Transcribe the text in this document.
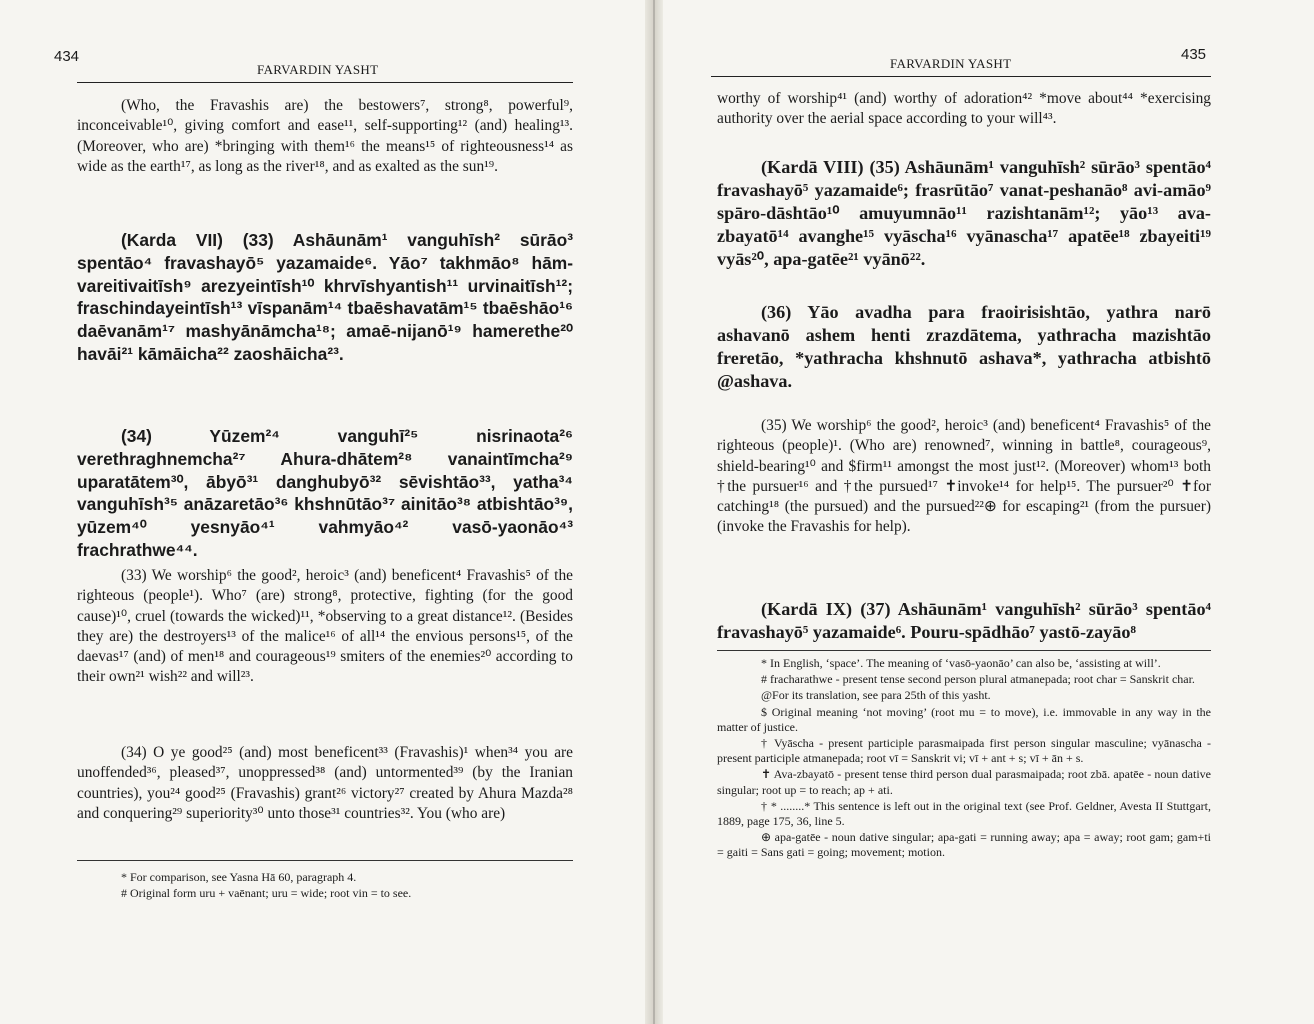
434
FARVARDIN YASHT

(Who, the Fravashis are) the bestowers⁷, strong⁸, powerful⁹, inconceivable¹⁰, giving comfort and ease¹¹, self-supporting¹² (and) healing¹³. (Moreover, who are) *bringing with them¹⁶ the means¹⁵ of righteousness¹⁴ as wide as the earth¹⁷, as long as the river¹⁸, and as exalted as the sun¹⁹.

(Karda VII) (33) Ashāunām¹ vanguhīsh² sūrāo³ spentāo⁴ fravashayō⁵ yazamaide⁶. Yāo⁷ takhmāo⁸ hām-vareitivaitīsh⁹ arezyeintīsh¹⁰ khrvīshyantish¹¹ urvinaitīsh¹²; fraschindayeintīsh¹³ vīspanām¹⁴ tbaēshavatām¹⁵ tbaēshāo¹⁶ daēvanām¹⁷ mashyānāmcha¹⁸; amaē-nijanō¹⁹ hamerethe²⁰ havāi²¹ kāmāicha²² zaoshāicha²³.

(34) Yūzem²⁴ vanguhī²⁵ nisrinaota²⁶ verethraghnemcha²⁷ Ahura-dhātem²⁸ vanaintīmcha²⁹ uparatātem³⁰, ābyō³¹ danghubyō³² sēvishtāo³³, yatha³⁴ vanguhīsh³⁵ anāzaretāo³⁶ khshnūtāo³⁷ ainitāo³⁸ atbishtāo³⁹, yūzem⁴⁰ yesnyāo⁴¹ vahmyāo⁴² vasō-yaonāo⁴³ frachrathwe⁴⁴.

(33) We worship⁶ the good², heroic³ (and) beneficent⁴ Fravashis⁵ of the righteous (people¹). Who⁷ (are) strong⁸, protective, fighting (for the good cause)¹⁰, cruel (towards the wicked)¹¹, *observing to a great distance¹². (Besides they are) the destroyers¹³ of the malice¹⁶ of all¹⁴ the envious persons¹⁵, of the daevas¹⁷ (and) of men¹⁸ and courageous¹⁹ smiters of the enemies²⁰ according to their own²¹ wish²² and will²³.

(34) O ye good²⁵ (and) most beneficent³³ (Fravashis)¹ when³⁴ you are unoffended³⁶, pleased³⁷, unoppressed³⁸ (and) untormented³⁹ (by the Iranian countries), you²⁴ good²⁵ (Fravashis) grant²⁶ victory²⁷ created by Ahura Mazda²⁸ and conquering²⁹ superiority³⁰ unto those³¹ countries³². You (who are)

* For comparison, see Yasna Hā 60, paragraph 4.

# Original form uru + vaēnant; uru = wide; root vin = to see.

FARVARDIN YASHT
435

worthy of worship⁴¹ (and) worthy of adoration⁴² *move about⁴⁴ *exercising authority over the aerial space according to your will⁴³.

(Kardā VIII) (35) Ashāunām¹ vanguhīsh² sūrāo³ spentāo⁴ fravashayō⁵ yazamaide⁶; frasrūtāo⁷ vanat-peshanāo⁸ avi-amāo⁹ spāro-dāshtāo¹⁰ amuyumnāo¹¹ razishtanām¹²; yāo¹³ ava-zbayatō¹⁴ avanghe¹⁵ vyāscha¹⁶ vyānascha¹⁷ apatēe¹⁸ zbayeiti¹⁹ vyās²⁰, apa-gatēe²¹ vyānō²².

(36) Yāo avadha para fraoirisishtāo, yathra narō ashavanō ashem henti zrazdātema, yathracha mazishtāo freretāo, *yathracha khshnutō ashava*, yathracha atbishtō @ashava.

(35) We worship⁶ the good², heroic³ (and) beneficent⁴ Fravashis⁵ of the righteous (people)¹. (Who are) renowned⁷, winning in battle⁸, courageous⁹, shield-bearing¹⁰ and $firm¹¹ amongst the most just¹². (Moreover) whom¹³ both †the pursuer¹⁶ and †the pursued¹⁷ ✝invoke¹⁴ for help¹⁵. The pursuer²⁰ ✝for catching¹⁸ (the pursued) and the pursued²²⊕ for escaping²¹ (from the pursuer) (invoke the Fravashis for help).

(Kardā IX) (37) Ashāunām¹ vanguhīsh² sūrāo³ spentāo⁴ fravashayō⁵ yazamaide⁶. Pouru-spādhāo⁷ yastō-zayāo⁸

* In English, ‘space’. The meaning of ‘vasō-yaonāo’ can also be, ‘assisting at will’.

# fracharathwe - present tense second person plural atmanepada; root char = Sanskrit char.

@For its translation, see para 25th of this yasht.

$ Original meaning ‘not moving’ (root mu = to move), i.e. immovable in any way in the matter of justice.

† Vyāscha - present participle parasmaipada first person singular masculine; vyānascha - present participle atmanepada; root vī = Sanskrit vi; vī + ant + s; vī + ān + s.

✝ Ava-zbayatō - present tense third person dual parasmaipada; root zbā. apatēe - noun dative singular; root up = to reach; ap + ati.

† * ........* This sentence is left out in the original text (see Prof. Geldner, Avesta II Stuttgart, 1889, page 175, 36, line 5.

⊕ apa-gatēe - noun dative singular; apa-gati = running away; apa = away; root gam; gam+ti = gaiti = Sans gati = going; movement; motion.
